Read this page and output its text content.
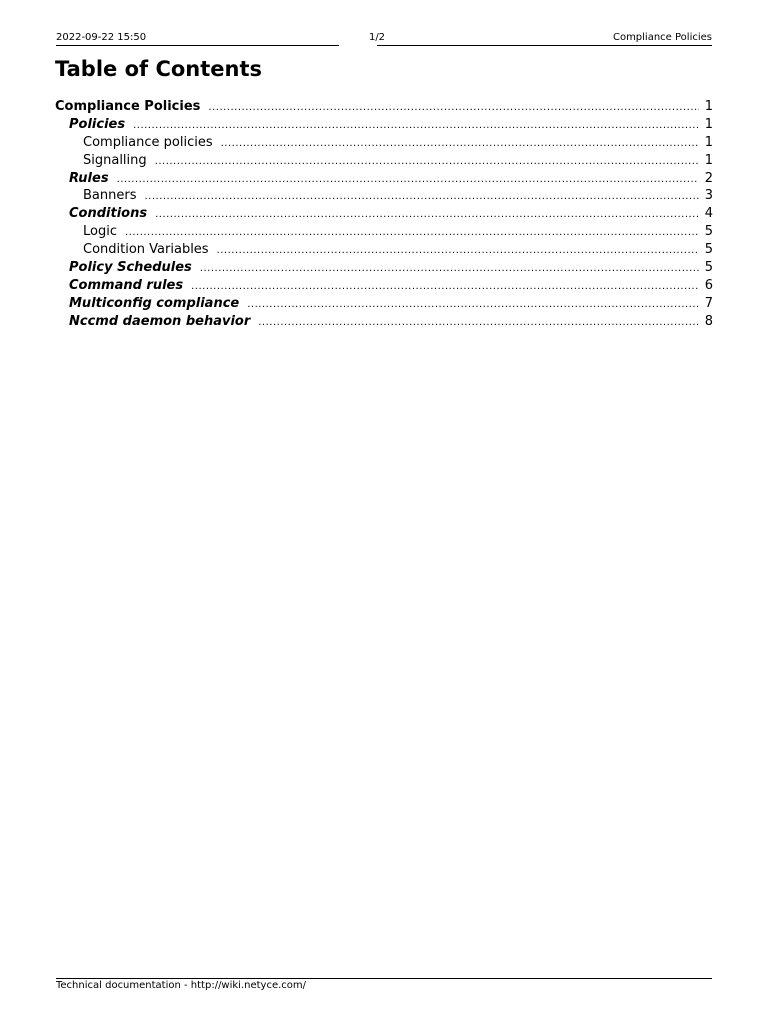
2022-09-22 15:50	1/2	Compliance Policies
Table of Contents
Compliance Policies .....	1
Policies .....	1
Compliance policies .....	1
Signalling .....	1
Rules .....	2
Banners .....	3
Conditions .....	4
Logic .....	5
Condition Variables .....	5
Policy Schedules .....	5
Command rules .....	6
Multiconfig compliance .....	7
Nccmd daemon behavior .....	8
Technical documentation - http://wiki.netyce.com/
